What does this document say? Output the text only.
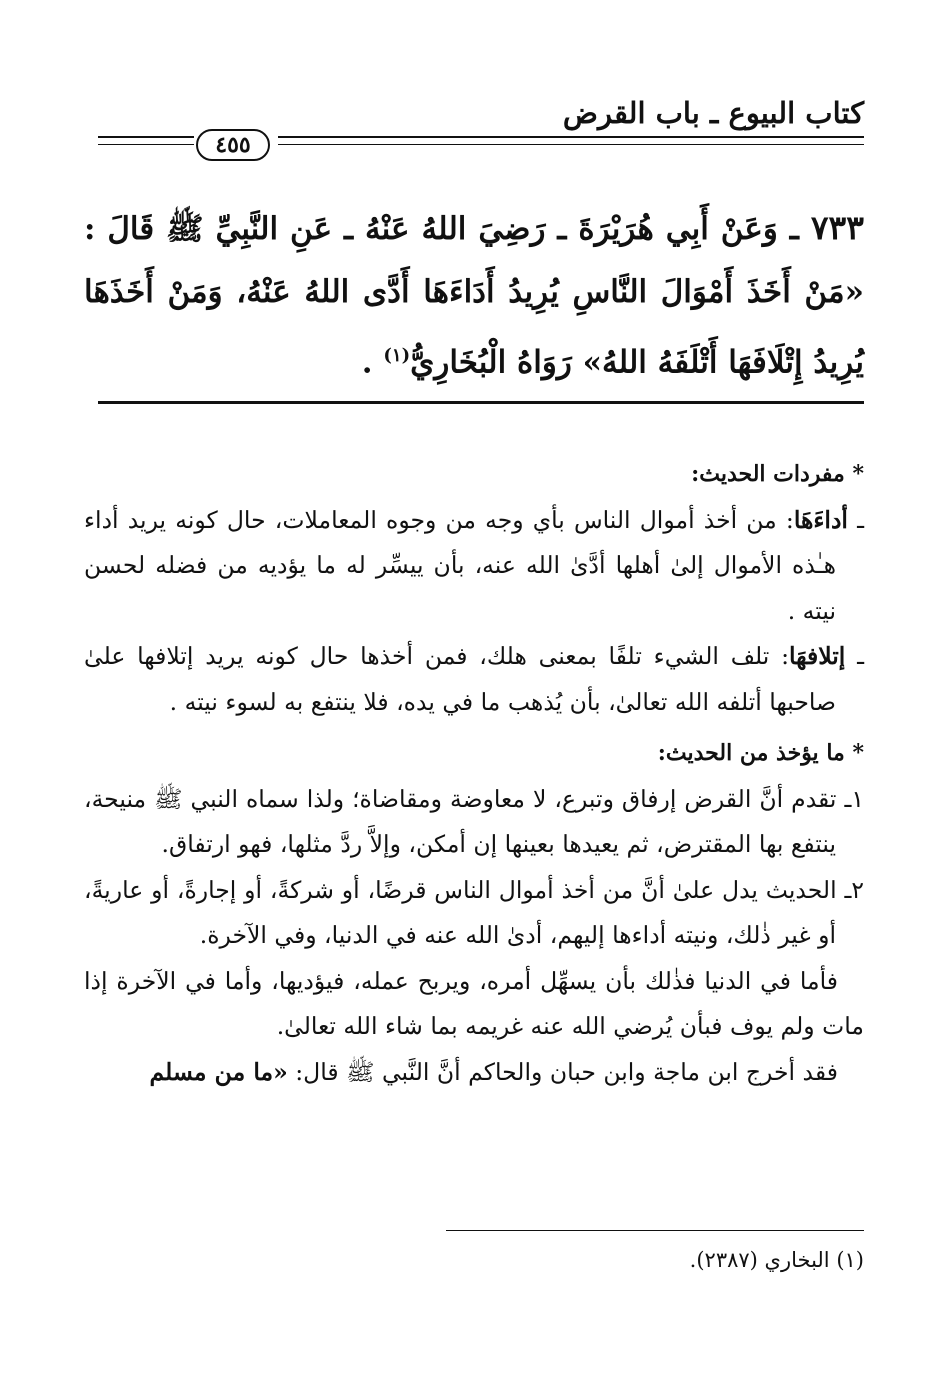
كتاب البيوع ـ باب القرض
٤٥٥
٧٣٣ ـ وَعَنْ أَبِي هُرَيْرَةَ ـ رَضِيَ اللهُ عَنْهُ ـ عَنِ النَّبِيِّ ﷺ قَالَ : «مَنْ أَخَذَ أَمْوَالَ النَّاسِ يُرِيدُ أَدَاءَهَا أَدَّى اللهُ عَنْهُ، وَمَنْ أَخَذَهَا يُرِيدُ إِتْلَافَهَا أَتْلَفَهُ اللهُ» رَوَاهُ الْبُخَارِيُّ$^{(١)}$ .

* مفردات الحديث:

ـ أداءَهَا: من أخذ أموال الناس بأي وجه من وجوه المعاملات، حال كونه يريد أداء هـٰذه الأموال إلىٰ أهلها أدَّىٰ الله عنه، بأن ييسِّر له ما يؤديه من فضله لحسن نيته .

ـ إتلافهَا: تلف الشيء تلفًا بمعنى هلك، فمن أخذها حال كونه يريد إتلافها علىٰ صاحبها أتلفه الله تعالىٰ، بأن يُذهب ما في يده، فلا ينتفع به لسوء نيته .

* ما يؤخذ من الحديث:

١ـ تقدم أنَّ القرض إرفاق وتبرع، لا معاوضة ومقاضاة؛ ولذا سماه النبي ﷺ منيحة، ينتفع بها المقترض، ثم يعيدها بعينها إن أمكن، وإلاَّ ردَّ مثلها، فهو ارتفاق.

٢ـ الحديث يدل علىٰ أنَّ من أخذ أموال الناس قرضًا، أو شركةً، أو إجارةً، أو عاريةً، أو غير ذٰلك، ونيته أداءها إليهم، أدىٰ الله عنه في الدنيا، وفي الآخرة.

فأما في الدنيا فذٰلك بأن يسهِّل أمره، ويربح عمله، فيؤديها، وأما في الآخرة إذا مات ولم يوف فبأن يُرضي الله عنه غريمه بما شاء الله تعالىٰ.

فقد أخرج ابن ماجة وابن حبان والحاكم أنَّ النَّبي ﷺ قال: «ما من مسلم

(١) البخاري (٢٣٨٧).
